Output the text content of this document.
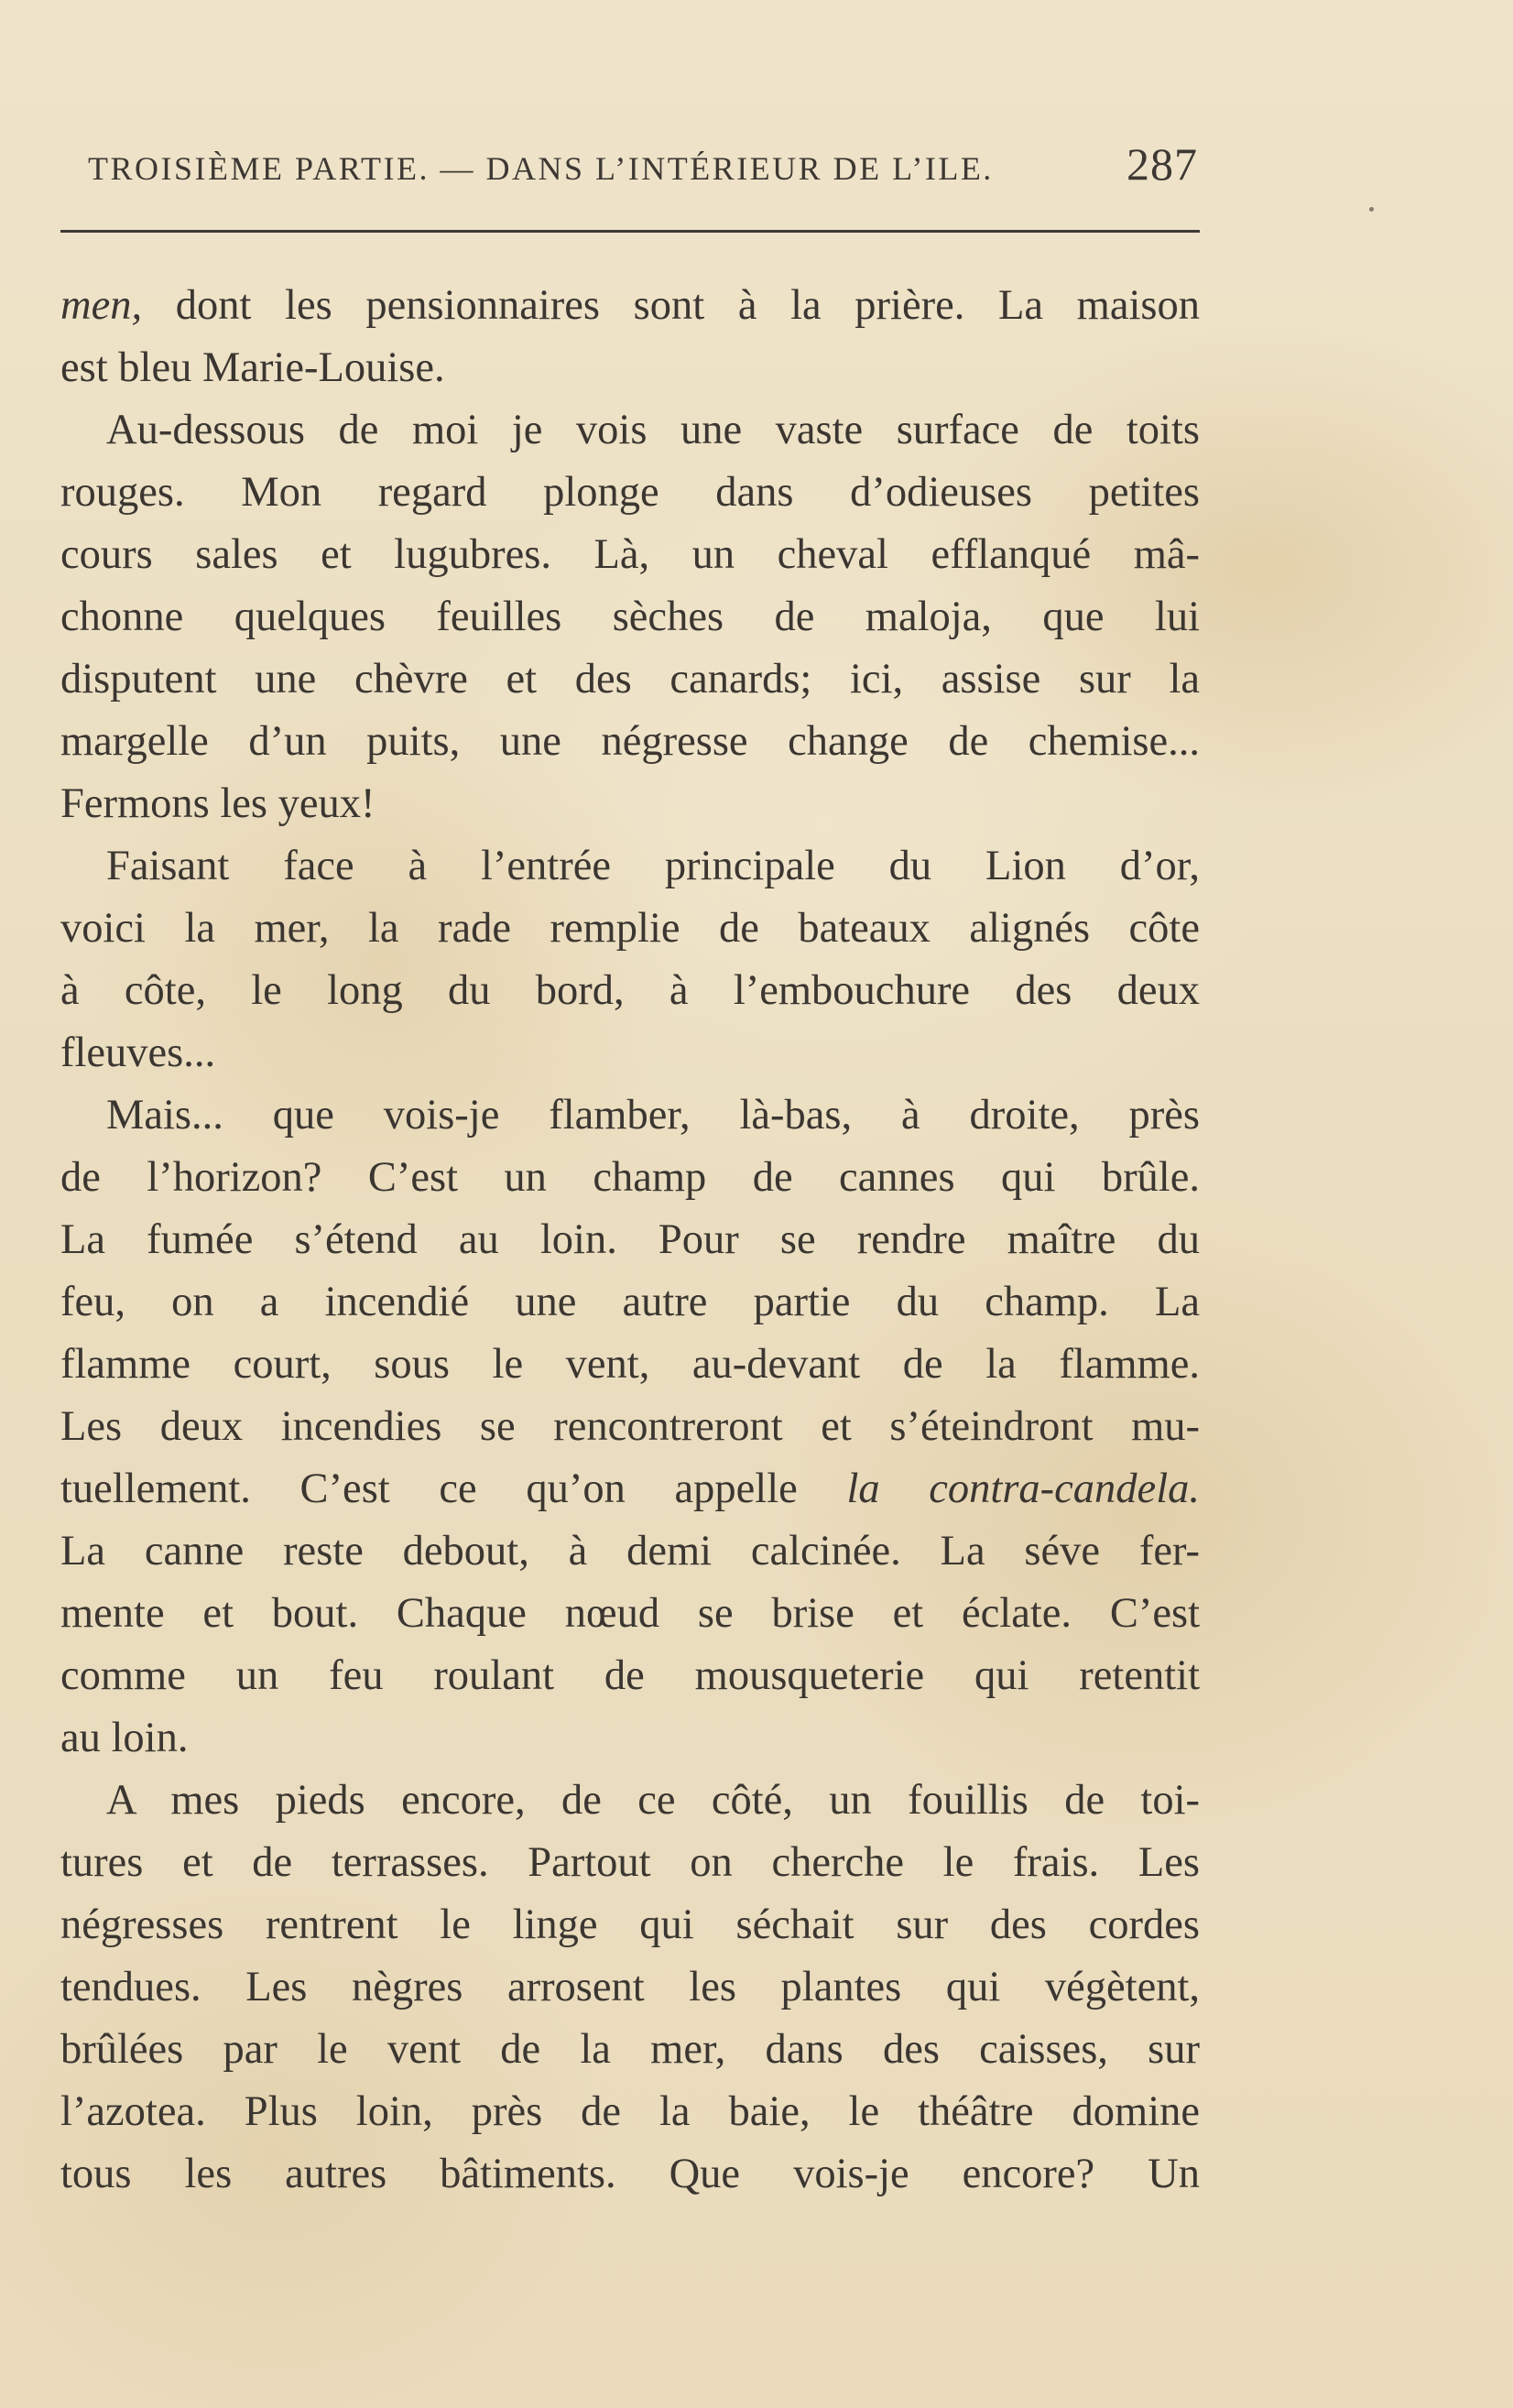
TROISIÈME PARTIE. — DANS L’INTÉRIEUR DE L’ILE.	287
men, dont les pensionnaires sont à la prière. La maison
est bleu Marie-Louise.
Au-dessous de moi je vois une vaste surface de toits
rouges. Mon regard plonge dans d’odieuses petites
cours sales et lugubres. Là, un cheval efflanqué mâ-
chonne quelques feuilles sèches de maloja, que lui
disputent une chèvre et des canards; ici, assise sur la
margelle d’un puits, une négresse change de chemise...
Fermons les yeux!
Faisant face à l’entrée principale du Lion d’or,
voici la mer, la rade remplie de bateaux alignés côte
à côte, le long du bord, à l’embouchure des deux
fleuves...
Mais... que vois-je flamber, là-bas, à droite, près
de l’horizon? C’est un champ de cannes qui brûle.
La fumée s’étend au loin. Pour se rendre maître du
feu, on a incendié une autre partie du champ. La
flamme court, sous le vent, au-devant de la flamme.
Les deux incendies se rencontreront et s’éteindront mu-
tuellement. C’est ce qu’on appelle la contra-candela.
La canne reste debout, à demi calcinée. La séve fer-
mente et bout. Chaque nœud se brise et éclate. C’est
comme un feu roulant de mousqueterie qui retentit
au loin.
A mes pieds encore, de ce côté, un fouillis de toi-
tures et de terrasses. Partout on cherche le frais. Les
négresses rentrent le linge qui séchait sur des cordes
tendues. Les nègres arrosent les plantes qui végètent,
brûlées par le vent de la mer, dans des caisses, sur
l’azotea. Plus loin, près de la baie, le théâtre domine
tous les autres bâtiments. Que vois-je encore? Un
